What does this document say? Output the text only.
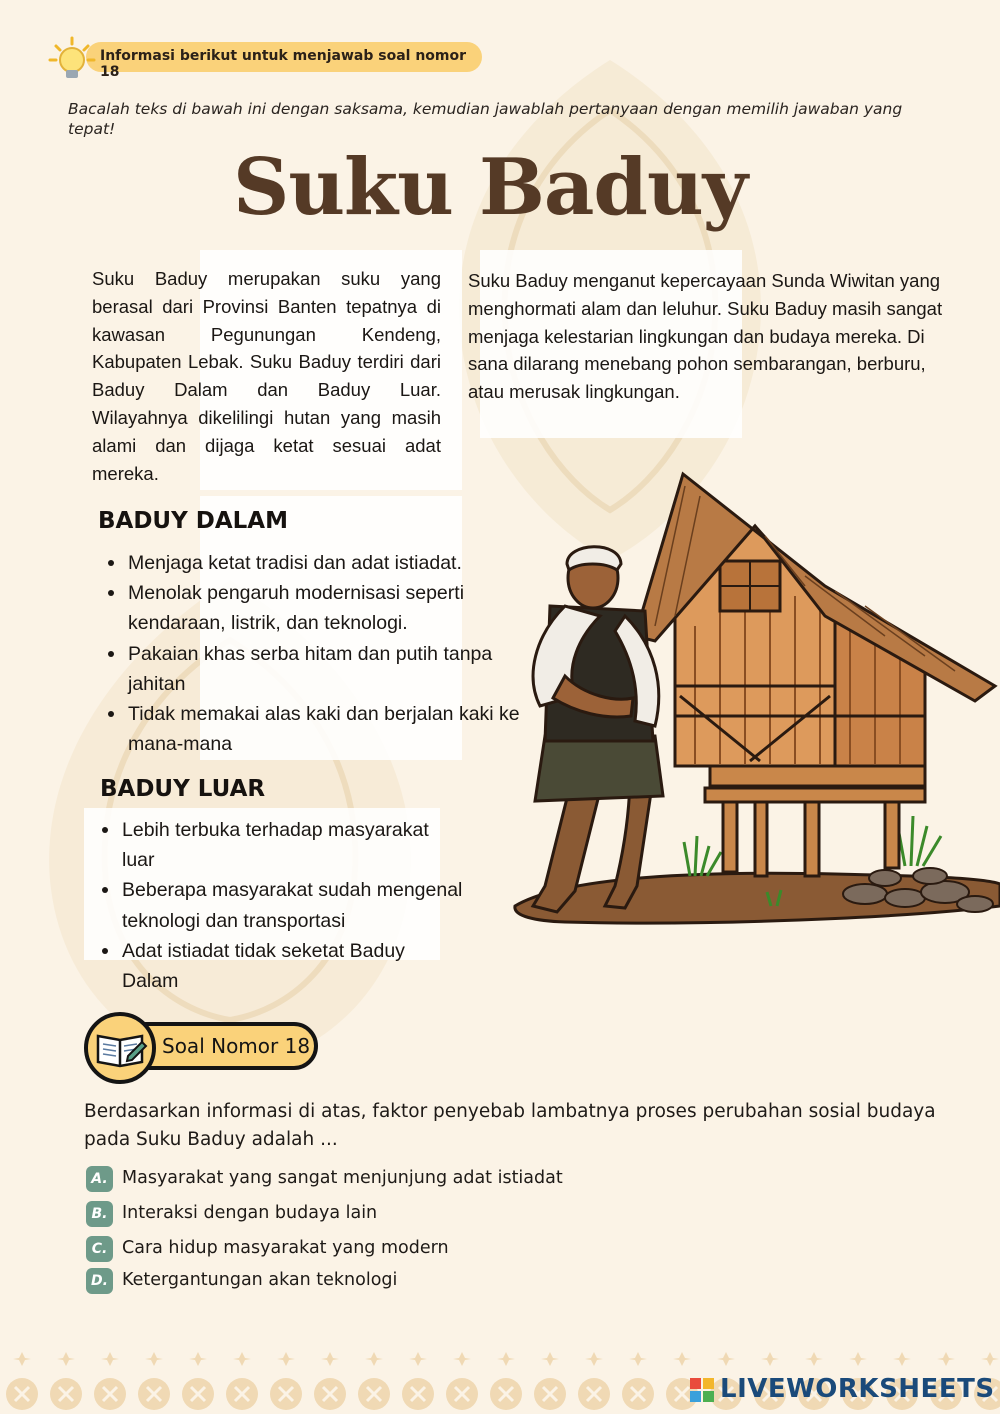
Informasi berikut untuk menjawab soal nomor 18
Bacalah teks di bawah ini dengan saksama, kemudian jawablah pertanyaan dengan memilih jawaban yang tepat!
Suku Baduy
Suku Baduy merupakan suku yang berasal dari Provinsi Banten tepatnya di kawasan Pegunungan Kendeng, Kabupaten Lebak. Suku Baduy terdiri dari Baduy Dalam dan Baduy Luar. Wilayahnya dikelilingi hutan yang masih alami dan dijaga ketat sesuai adat mereka.
Suku Baduy menganut kepercayaan Sunda Wiwitan yang menghormati alam dan leluhur. Suku Baduy masih sangat menjaga kelestarian lingkungan dan budaya mereka. Di sana dilarang menebang pohon sembarangan, berburu, atau merusak lingkungan.
BADUY DALAM
Menjaga ketat tradisi dan adat istiadat.
Menolak pengaruh modernisasi seperti kendaraan, listrik, dan teknologi.
Pakaian khas serba hitam dan putih tanpa jahitan
Tidak memakai alas kaki dan berjalan kaki ke mana-mana
BADUY LUAR
Lebih terbuka terhadap masyarakat luar
Beberapa masyarakat sudah mengenal teknologi dan transportasi
Adat istiadat tidak seketat Baduy Dalam
Soal Nomor 18
Berdasarkan informasi di atas, faktor penyebab lambatnya proses perubahan sosial budaya pada Suku Baduy adalah ...
A. Masyarakat yang sangat menjunjung adat istiadat
B. Interaksi dengan budaya lain
C. Cara hidup masyarakat yang modern
D. Ketergantungan akan teknologi
LIVEWORKSHEETS
